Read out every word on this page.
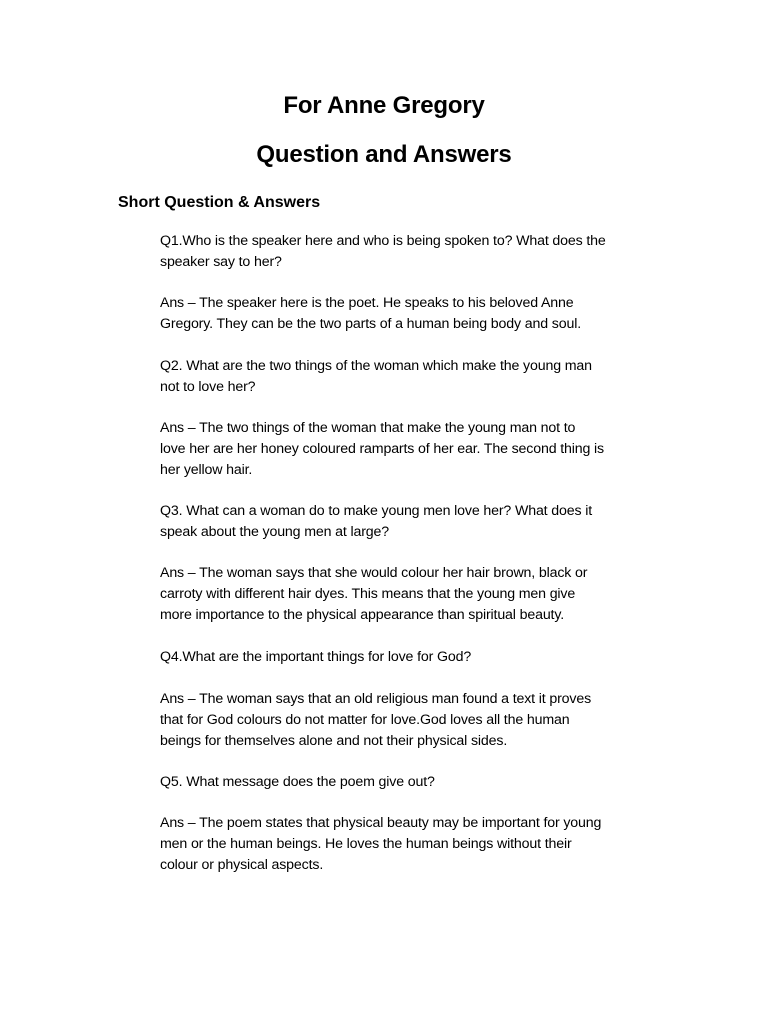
For Anne Gregory
Question and Answers
Short Question & Answers

Q1.Who is the speaker here and who is being spoken to? What does the

speaker say to her?

Ans – The speaker here is the poet. He speaks to his beloved Anne

Gregory. They can be the two parts of a human being body and soul.

Q2. What are the two things of the woman which make the young man

not to love her?

Ans – The two things of the woman that make the young man not to

love her are her honey coloured ramparts of her ear. The second thing is

her yellow hair.

Q3. What can a woman do to make young men love her? What does it

speak about the young men at large?

Ans – The woman says that she would colour her hair brown, black or

carroty with different hair dyes. This means that the young men give

more importance to the physical appearance than spiritual beauty.

Q4.What are the important things for love for God?

Ans – The woman says that an old religious man found a text it proves

that for God colours do not matter for love.God loves all the human

beings for themselves alone and not their physical sides.

Q5. What message does the poem give out?

Ans – The poem states that physical beauty may be important for young

men or the human beings. He loves the human beings without their

colour or physical aspects.
